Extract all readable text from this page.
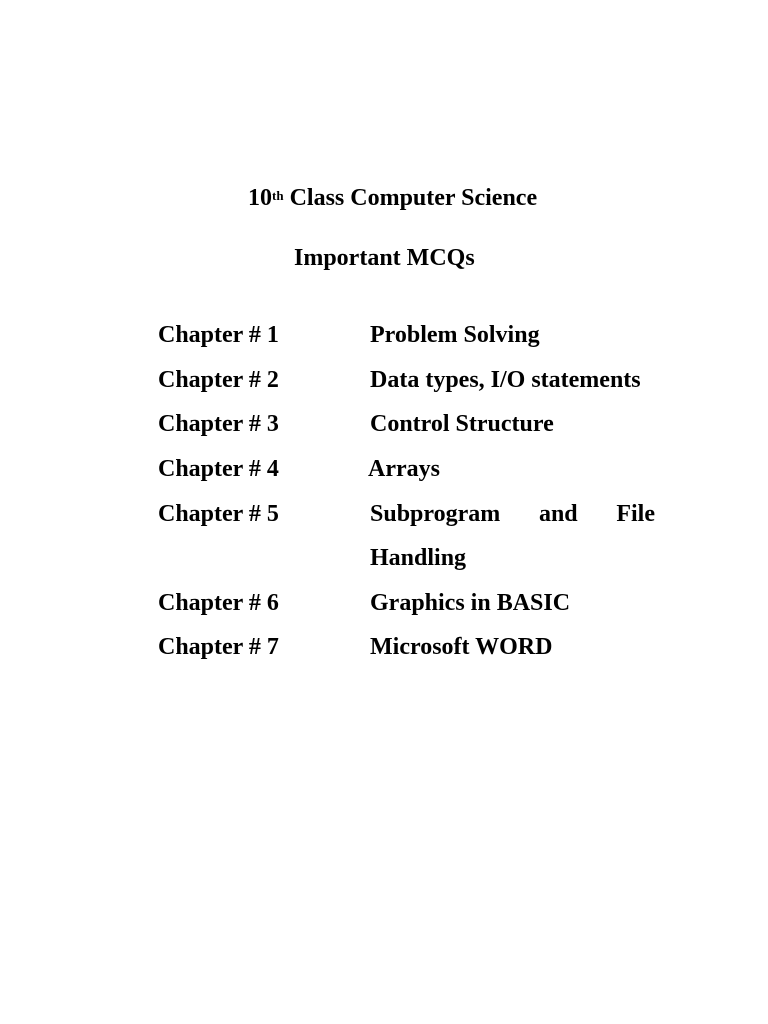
10th Class Computer Science
Important MCQs
Chapter # 1	Problem Solving
Chapter # 2	Data types, I/O statements
Chapter # 3	Control Structure
Chapter # 4	Arrays
Chapter # 5	Subprogram and File
Handling
Chapter # 6	Graphics in BASIC
Chapter # 7	Microsoft WORD
